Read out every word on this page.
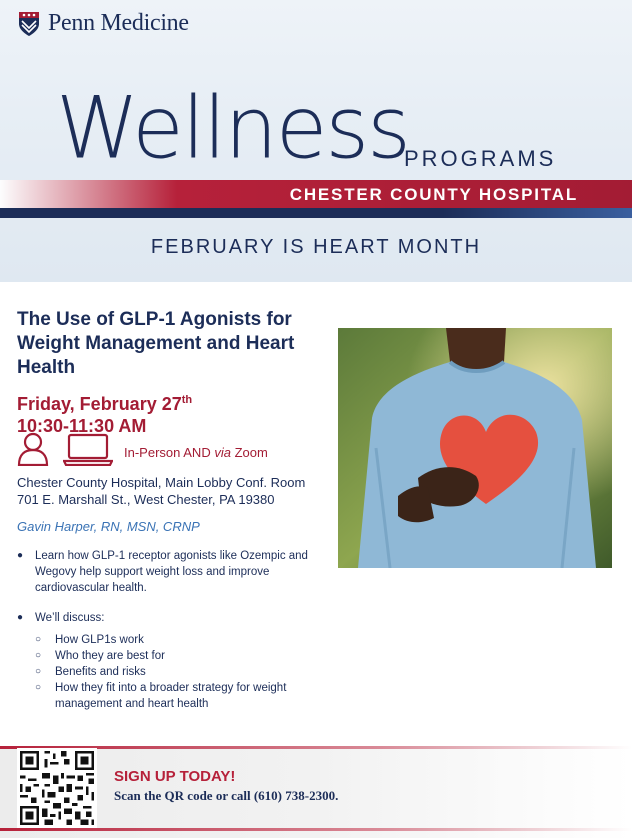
Penn Medicine
Wellness
PROGRAMS
CHESTER COUNTY HOSPITAL
FEBRUARY IS HEART MONTH
The Use of GLP-1 Agonists for Weight Management and Heart Health
Friday, February 27th
10:30-11:30 AM
In-Person AND via Zoom
Chester County Hospital, Main Lobby Conf. Room
701 E. Marshall St., West Chester, PA 19380
Gavin Harper, RN, MSN, CRNP
●	Learn how GLP-1 receptor agonists like Ozempic and Wegovy help support weight loss and improve cardiovascular health.
●	We’ll discuss:
○	How GLP1s work
○	Who they are best for
○	Benefits and risks
○	How they fit into a broader strategy for weight management and heart health
SIGN UP TODAY!
Scan the QR code or call (610) 738-2300.
